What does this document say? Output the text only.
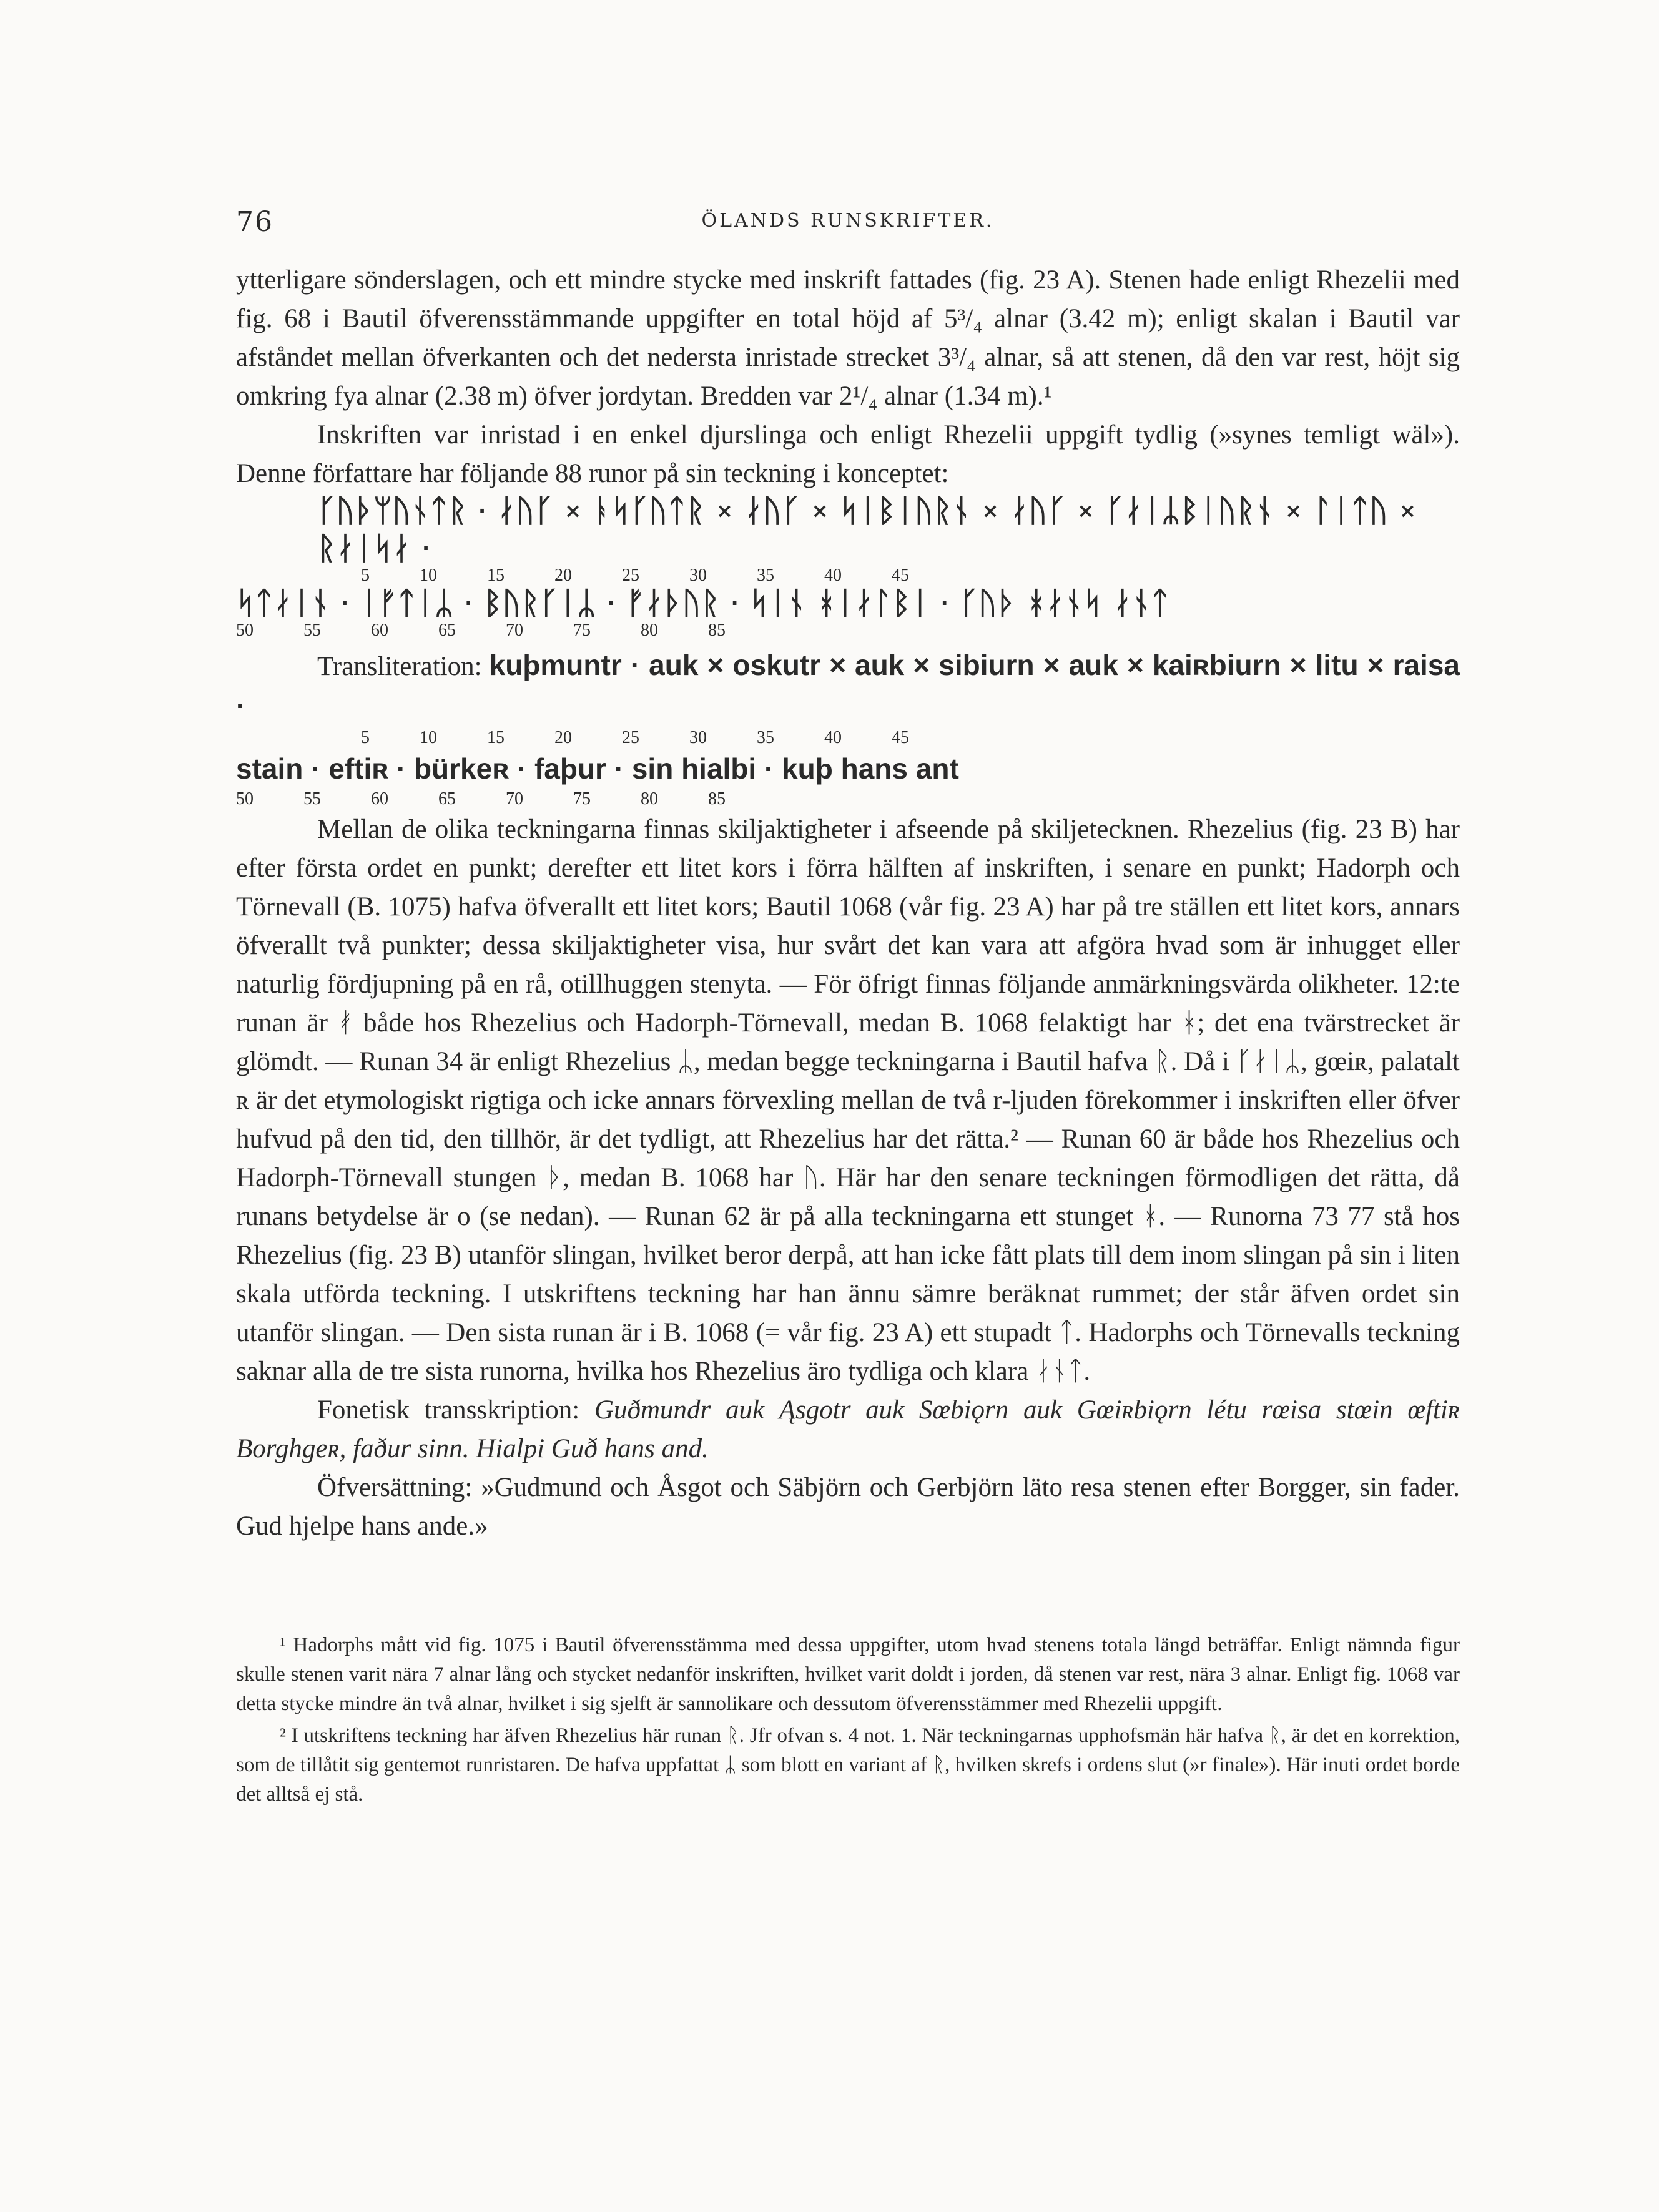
76	ÖLANDS RUNSKRIFTER.

ytterligare sönderslagen, och ett mindre stycke med inskrift fattades (fig. 23 A). Stenen hade enligt Rhezelii med fig. 68 i Bautil öfverensstämmande uppgifter en total höjd af 5³/₄ alnar (3.42 m); enligt skalan i Bautil var afståndet mellan öfverkanten och det nedersta inristade strecket 3³/₄ alnar, så att stenen, då den var rest, höjt sig omkring fya alnar (2.38 m) öfver jordytan. Bredden var 2¹/₄ alnar (1.34 m).¹

Inskriften var inristad i en enkel djurslinga och enligt Rhezelii uppgift tydlig (»synes temligt wäl»). Denne författare har följande 88 runor på sin teckning i konceptet:

ᚴᚢᚦᛘᚢᚾᛏᚱ · ᛅᚢᚴ × ᚭᛋᚴᚢᛏᚱ × ᛅᚢᚴ × ᛋᛁᛒᛁᚢᚱᚾ × ᛅᚢᚴ × ᚴᛅᛁᛦᛒᛁᚢᚱᚾ × ᛚᛁᛏᚢ ×
ᚱᛅᛁᛋᛅ ·
5	10	15	20	25	30	35	40	45
ᛋᛏᛅᛁᚾ · ᛁᚠᛏᛁᛦ · ᛒᚢᚱᚴᛁᛦ · ᚠᛅᚦᚢᚱ · ᛋᛁᚾ ᚼᛁᛅᛚᛒᛁ · ᚴᚢᚦ ᚼᛅᚾᛋ ᛅᚾᛏ
50	55	60	65	70	75	80	85

Transliteration: kuþmuntr · auk × oskutr × auk × sibiurn × auk × kaiʀbiurn × litu × raisa ·

5	10	15	20	25	30	35	40	45

stain · eftiʀ · bürkeʀ · faþur · sin hialbi · kuþ hans ant

50	55	60	65	70	75	80	85

Mellan de olika teckningarna finnas skiljaktigheter i afseende på skiljetecknen. Rhezelius (fig. 23 B) har efter första ordet en punkt; derefter ett litet kors i förra hälften af inskriften, i senare en punkt; Hadorph och Törnevall (B. 1075) hafva öfverallt ett litet kors; Bautil 1068 (vår fig. 23 A) har på tre ställen ett litet kors, annars öfverallt två punkter; dessa skiljaktigheter visa, hur svårt det kan vara att afgöra hvad som är inhugget eller naturlig fördjupning på en rå, otillhuggen stenyta. — För öfrigt finnas följande anmärkningsvärda olikheter. 12:te runan är ᚯ både hos Rhezelius och Hadorph-Törnevall, medan B. 1068 felaktigt har ᚼ; det ena tvärstrecket är glömdt. — Runan 34 är enligt Rhezelius ᛦ, medan begge teckningarna i Bautil hafva ᚱ. Då i ᚴᛅᛁᛦ, gœiʀ, palatalt ʀ är det etymologiskt rigtiga och icke annars förvexling mellan de två r-ljuden förekommer i inskriften eller öfver hufvud på den tid, den tillhör, är det tydligt, att Rhezelius har det rätta.² — Runan 60 är både hos Rhezelius och Hadorph-Törnevall stungen ᚦ, medan B. 1068 har ᚢ. Här har den senare teckningen förmodligen det rätta, då runans betydelse är o (se nedan). — Runan 62 är på alla teckningarna ett stunget ᚼ. — Runorna 73 77 stå hos Rhezelius (fig. 23 B) utanför slingan, hvilket beror derpå, att han icke fått plats till dem inom slingan på sin i liten skala utförda teckning. I utskriftens teckning har han ännu sämre beräknat rummet; der står äfven ordet sin utanför slingan. — Den sista runan är i B. 1068 (= vår fig. 23 A) ett stupadt ᛏ. Hadorphs och Törnevalls teckning saknar alla de tre sista runorna, hvilka hos Rhezelius äro tydliga och klara ᛅᚾᛏ.

Fonetisk transskription: Guðmundr auk Ąsgotr auk Sœbiǫrn auk Gœiʀbiǫrn létu rœisa stœin œftiʀ Borghgeʀ, faður sinn. Hialpi Guð hans and.

Öfversättning: »Gudmund och Åsgot och Säbjörn och Gerbjörn läto resa stenen efter Borgger, sin fader. Gud hjelpe hans ande.»

¹ Hadorphs mått vid fig. 1075 i Bautil öfverensstämma med dessa uppgifter, utom hvad stenens totala längd beträffar. Enligt nämnda figur skulle stenen varit nära 7 alnar lång och stycket nedanför inskriften, hvilket varit doldt i jorden, då stenen var rest, nära 3 alnar. Enligt fig. 1068 var detta stycke mindre än två alnar, hvilket i sig sjelft är sannolikare och dessutom öfverensstämmer med Rhezelii uppgift.

² I utskriftens teckning har äfven Rhezelius här runan ᚱ. Jfr ofvan s. 4 not. 1. När teckningarnas upphofsmän här hafva ᚱ, är det en korrektion, som de tillåtit sig gentemot runristaren. De hafva uppfattat ᛦ som blott en variant af ᚱ, hvilken skrefs i ordens slut (»r finale»). Här inuti ordet borde det alltså ej stå.
